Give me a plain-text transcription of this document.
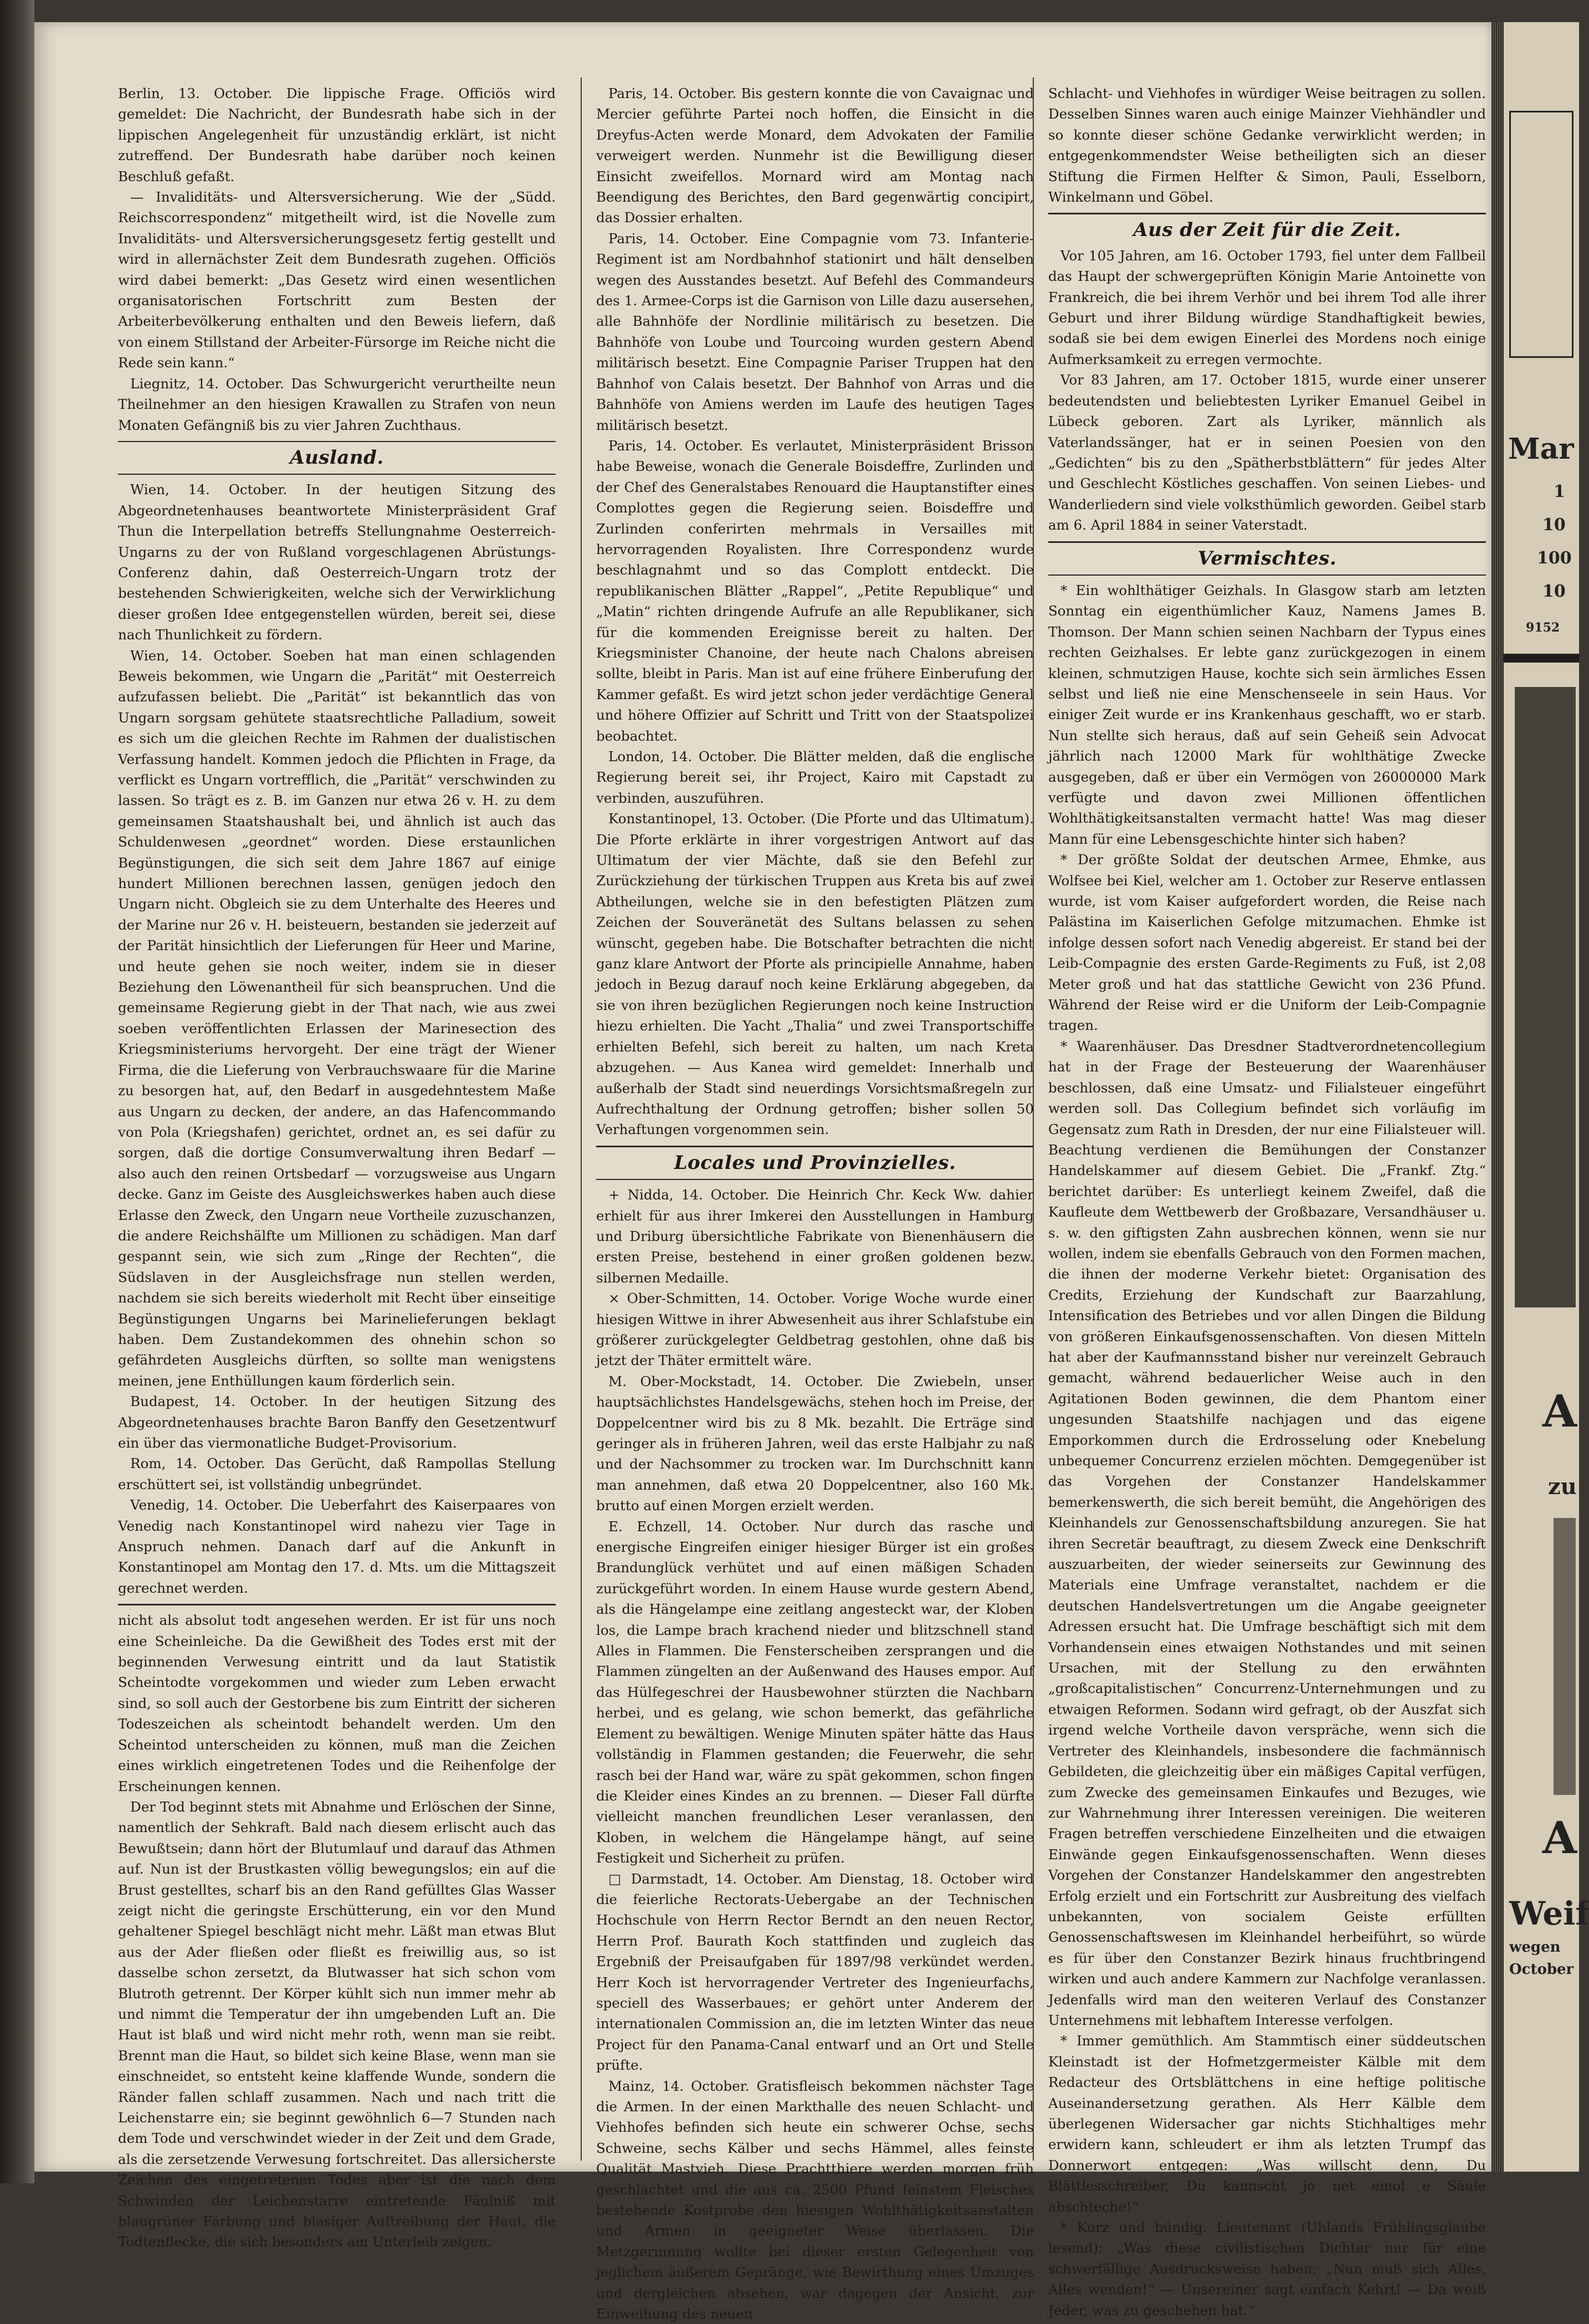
Berlin, 13. October. Die lippische Frage. Officiös wird gemeldet: Die Nachricht, der Bundesrath habe sich in der lippischen Angelegenheit für unzuständig erklärt, ist nicht zutreffend. Der Bundesrath habe darüber noch keinen Beschluß gefaßt.

— Invaliditäts- und Altersversicherung. Wie der „Südd. Reichscorrespondenz“ mitgetheilt wird, ist die Novelle zum Invaliditäts- und Altersversicherungsgesetz fertig gestellt und wird in allernächster Zeit dem Bundesrath zugehen. Officiös wird dabei bemerkt: „Das Gesetz wird einen wesentlichen organisatorischen Fortschritt zum Besten der Arbeiterbevölkerung enthalten und den Beweis liefern, daß von einem Stillstand der Arbeiter-Fürsorge im Reiche nicht die Rede sein kann.“

Liegnitz, 14. October. Das Schwurgericht verurtheilte neun Theilnehmer an den hiesigen Krawallen zu Strafen von neun Monaten Gefängniß bis zu vier Jahren Zuchthaus.

Ausland.

Wien, 14. October. In der heutigen Sitzung des Abgeordnetenhauses beantwortete Ministerpräsident Graf Thun die Interpellation betreffs Stellungnahme Oesterreich-Ungarns zu der von Rußland vorgeschlagenen Abrüstungs-Conferenz dahin, daß Oesterreich-Ungarn trotz der bestehenden Schwierigkeiten, welche sich der Verwirklichung dieser großen Idee entgegenstellen würden, bereit sei, diese nach Thunlichkeit zu fördern.

Wien, 14. October. Soeben hat man einen schlagenden Beweis bekommen, wie Ungarn die „Parität“ mit Oesterreich aufzufassen beliebt. Die „Parität“ ist bekanntlich das von Ungarn sorgsam gehütete staatsrechtliche Palladium, soweit es sich um die gleichen Rechte im Rahmen der dualistischen Verfassung handelt. Kommen jedoch die Pflichten in Frage, da verflickt es Ungarn vortrefflich, die „Parität“ verschwinden zu lassen. So trägt es z. B. im Ganzen nur etwa 26 v. H. zu dem gemeinsamen Staatshaushalt bei, und ähnlich ist auch das Schuldenwesen „geordnet“ worden. Diese erstaunlichen Begünstigungen, die sich seit dem Jahre 1867 auf einige hundert Millionen berechnen lassen, genügen jedoch den Ungarn nicht. Obgleich sie zu dem Unterhalte des Heeres und der Marine nur 26 v. H. beisteuern, bestanden sie jederzeit auf der Parität hinsichtlich der Lieferungen für Heer und Marine, und heute gehen sie noch weiter, indem sie in dieser Beziehung den Löwenantheil für sich beanspruchen. Und die gemeinsame Regierung giebt in der That nach, wie aus zwei soeben veröffentlichten Erlassen der Marinesection des Kriegsministeriums hervorgeht. Der eine trägt der Wiener Firma, die die Lieferung von Verbrauchswaare für die Marine zu besorgen hat, auf, den Bedarf in ausgedehntestem Maße aus Ungarn zu decken, der andere, an das Hafencommando von Pola (Kriegshafen) gerichtet, ordnet an, es sei dafür zu sorgen, daß die dortige Consumverwaltung ihren Bedarf — also auch den reinen Ortsbedarf — vorzugsweise aus Ungarn decke. Ganz im Geiste des Ausgleichswerkes haben auch diese Erlasse den Zweck, den Ungarn neue Vortheile zuzuschanzen, die andere Reichshälfte um Millionen zu schädigen. Man darf gespannt sein, wie sich zum „Ringe der Rechten“, die Südslaven in der Ausgleichsfrage nun stellen werden, nachdem sie sich bereits wiederholt mit Recht über einseitige Begünstigungen Ungarns bei Marinelieferungen beklagt haben. Dem Zustandekommen des ohnehin schon so gefährdeten Ausgleichs dürften, so sollte man wenigstens meinen, jene Enthüllungen kaum förderlich sein.

Budapest, 14. October. In der heutigen Sitzung des Abgeordnetenhauses brachte Baron Banffy den Gesetzentwurf ein über das viermonatliche Budget-Provisorium.

Rom, 14. October. Das Gerücht, daß Rampollas Stellung erschüttert sei, ist vollständig unbegründet.

Venedig, 14. October. Die Ueberfahrt des Kaiserpaares von Venedig nach Konstantinopel wird nahezu vier Tage in Anspruch nehmen. Danach darf auf die Ankunft in Konstantinopel am Montag den 17. d. Mts. um die Mittagszeit gerechnet werden.

nicht als absolut todt angesehen werden. Er ist für uns noch eine Scheinleiche. Da die Gewißheit des Todes erst mit der beginnenden Verwesung eintritt und da laut Statistik Scheintodte vorgekommen und wieder zum Leben erwacht sind, so soll auch der Gestorbene bis zum Eintritt der sicheren Todeszeichen als scheintodt behandelt werden. Um den Scheintod unterscheiden zu können, muß man die Zeichen eines wirklich eingetretenen Todes und die Reihenfolge der Erscheinungen kennen.

Der Tod beginnt stets mit Abnahme und Erlöschen der Sinne, namentlich der Sehkraft. Bald nach diesem erlischt auch das Bewußtsein; dann hört der Blutumlauf und darauf das Athmen auf. Nun ist der Brustkasten völlig bewegungslos; ein auf die Brust gestelltes, scharf bis an den Rand gefülltes Glas Wasser zeigt nicht die geringste Erschütterung, ein vor den Mund gehaltener Spiegel beschlägt nicht mehr. Läßt man etwas Blut aus der Ader fließen oder fließt es freiwillig aus, so ist dasselbe schon zersetzt, da Blutwasser hat sich schon vom Blutroth getrennt. Der Körper kühlt sich nun immer mehr ab und nimmt die Temperatur der ihn umgebenden Luft an. Die Haut ist blaß und wird nicht mehr roth, wenn man sie reibt. Brennt man die Haut, so bildet sich keine Blase, wenn man sie einschneidet, so entsteht keine klaffende Wunde, sondern die Ränder fallen schlaff zusammen. Nach und nach tritt die Leichenstarre ein; sie beginnt gewöhnlich 6—7 Stunden nach dem Tode und verschwindet wieder in der Zeit und dem Grade, als die zersetzende Verwesung fortschreitet. Das allersicherste Zeichen des eingetretenen Todes aber ist die nach dem Schwinden der Leichenstarre eintretende Fäulniß mit blaugrüner Färbung und blasiger Auftreibung der Haut, die Todtenflecke, die sich besonders am Unterleib zeigen.

Paris, 14. October. Bis gestern konnte die von Cavaignac und Mercier geführte Partei noch hoffen, die Einsicht in die Dreyfus-Acten werde Monard, dem Advokaten der Familie verweigert werden. Nunmehr ist die Bewilligung dieser Einsicht zweifellos. Mornard wird am Montag nach Beendigung des Berichtes, den Bard gegenwärtig concipirt, das Dossier erhalten.

Paris, 14. October. Eine Compagnie vom 73. Infanterie-Regiment ist am Nordbahnhof stationirt und hält denselben wegen des Ausstandes besetzt. Auf Befehl des Commandeurs des 1. Armee-Corps ist die Garnison von Lille dazu ausersehen, alle Bahnhöfe der Nordlinie militärisch zu besetzen. Die Bahnhöfe von Loube und Tourcoing wurden gestern Abend militärisch besetzt. Eine Compagnie Pariser Truppen hat den Bahnhof von Calais besetzt. Der Bahnhof von Arras und die Bahnhöfe von Amiens werden im Laufe des heutigen Tages militärisch besetzt.

Paris, 14. October. Es verlautet, Ministerpräsident Brisson habe Beweise, wonach die Generale Boisdeffre, Zurlinden und der Chef des Generalstabes Renouard die Hauptanstifter eines Complottes gegen die Regierung seien. Boisdeffre und Zurlinden conferirten mehrmals in Versailles mit hervorragenden Royalisten. Ihre Correspondenz wurde beschlagnahmt und so das Complott entdeckt. Die republikanischen Blätter „Rappel“, „Petite Republique“ und „Matin“ richten dringende Aufrufe an alle Republikaner, sich für die kommenden Ereignisse bereit zu halten. Der Kriegsminister Chanoine, der heute nach Chalons abreisen sollte, bleibt in Paris. Man ist auf eine frühere Einberufung der Kammer gefaßt. Es wird jetzt schon jeder verdächtige General und höhere Offizier auf Schritt und Tritt von der Staatspolizei beobachtet.

London, 14. October. Die Blätter melden, daß die englische Regierung bereit sei, ihr Project, Kairo mit Capstadt zu verbinden, auszuführen.

Konstantinopel, 13. October. (Die Pforte und das Ultimatum). Die Pforte erklärte in ihrer vorgestrigen Antwort auf das Ultimatum der vier Mächte, daß sie den Befehl zur Zurückziehung der türkischen Truppen aus Kreta bis auf zwei Abtheilungen, welche sie in den befestigten Plätzen zum Zeichen der Souveränetät des Sultans belassen zu sehen wünscht, gegeben habe. Die Botschafter betrachten die nicht ganz klare Antwort der Pforte als principielle Annahme, haben jedoch in Bezug darauf noch keine Erklärung abgegeben, da sie von ihren bezüglichen Regierungen noch keine Instruction hiezu erhielten. Die Yacht „Thalia“ und zwei Transportschiffe erhielten Befehl, sich bereit zu halten, um nach Kreta abzugehen. — Aus Kanea wird gemeldet: Innerhalb und außerhalb der Stadt sind neuerdings Vorsichtsmaßregeln zur Aufrechthaltung der Ordnung getroffen; bisher sollen 50 Verhaftungen vorgenommen sein.

Locales und Provinzielles.

+ Nidda, 14. October. Die Heinrich Chr. Keck Ww. dahier erhielt für aus ihrer Imkerei den Ausstellungen in Hamburg und Driburg übersichtliche Fabrikate von Bienenhäusern die ersten Preise, bestehend in einer großen goldenen bezw. silbernen Medaille.

× Ober-Schmitten, 14. October. Vorige Woche wurde einer hiesigen Wittwe in ihrer Abwesenheit aus ihrer Schlafstube ein größerer zurückgelegter Geldbetrag gestohlen, ohne daß bis jetzt der Thäter ermittelt wäre.

M. Ober-Mockstadt, 14. October. Die Zwiebeln, unser hauptsächlichstes Handelsgewächs, stehen hoch im Preise, der Doppelcentner wird bis zu 8 Mk. bezahlt. Die Erträge sind geringer als in früheren Jahren, weil das erste Halbjahr zu naß und der Nachsommer zu trocken war. Im Durchschnitt kann man annehmen, daß etwa 20 Doppelcentner, also 160 Mk. brutto auf einen Morgen erzielt werden.

E. Echzell, 14. October. Nur durch das rasche und energische Eingreifen einiger hiesiger Bürger ist ein großes Brandunglück verhütet und auf einen mäßigen Schaden zurückgeführt worden. In einem Hause wurde gestern Abend, als die Hängelampe eine zeitlang angesteckt war, der Kloben los, die Lampe brach krachend nieder und blitzschnell stand Alles in Flammen. Die Fensterscheiben zersprangen und die Flammen züngelten an der Außenwand des Hauses empor. Auf das Hülfegeschrei der Hausbewohner stürzten die Nachbarn herbei, und es gelang, wie schon bemerkt, das gefährliche Element zu bewältigen. Wenige Minuten später hätte das Haus vollständig in Flammen gestanden; die Feuerwehr, die sehr rasch bei der Hand war, wäre zu spät gekommen, schon fingen die Kleider eines Kindes an zu brennen. — Dieser Fall dürfte vielleicht manchen freundlichen Leser veranlassen, den Kloben, in welchem die Hängelampe hängt, auf seine Festigkeit und Sicherheit zu prüfen.

□ Darmstadt, 14. October. Am Dienstag, 18. October wird die feierliche Rectorats-Uebergabe an der Technischen Hochschule von Herrn Rector Berndt an den neuen Rector, Herrn Prof. Baurath Koch stattfinden und zugleich das Ergebniß der Preisaufgaben für 1897/98 verkündet werden. Herr Koch ist hervorragender Vertreter des Ingenieurfachs, speciell des Wasserbaues; er gehört unter Anderem der internationalen Commission an, die im letzten Winter das neue Project für den Panama-Canal entwarf und an Ort und Stelle prüfte.

Mainz, 14. October. Gratisfleisch bekommen nächster Tage die Armen. In der einen Markthalle des neuen Schlacht- und Viehhofes befinden sich heute ein schwerer Ochse, sechs Schweine, sechs Kälber und sechs Hämmel, alles feinste Qualität Mastvieh. Diese Prachtthiere werden morgen früh geschlachtet und die aus ca. 2500 Pfund feinstem Fleisches bestehende Kostprobe den hiesigen Wohlthätigkeitsanstalten und Armen in geeigneter Weise überlassen. Die Metzgerinnung wollte bei dieser ersten Gelegenheit von jeglichem äußerem Gepränge, wie Bewirthung eines Umzuges und dergleichen absehen, war dagegen der Ansicht, zur Einweihung des neuen

Schlacht- und Viehhofes in würdiger Weise beitragen zu sollen. Desselben Sinnes waren auch einige Mainzer Viehhändler und so konnte dieser schöne Gedanke verwirklicht werden; in entgegenkommendster Weise betheiligten sich an dieser Stiftung die Firmen Helfter & Simon, Pauli, Esselborn, Winkelmann und Göbel.

Aus der Zeit für die Zeit.

Vor 105 Jahren, am 16. October 1793, fiel unter dem Fallbeil das Haupt der schwergeprüften Königin Marie Antoinette von Frankreich, die bei ihrem Verhör und bei ihrem Tod alle ihrer Geburt und ihrer Bildung würdige Standhaftigkeit bewies, sodaß sie bei dem ewigen Einerlei des Mordens noch einige Aufmerksamkeit zu erregen vermochte.

Vor 83 Jahren, am 17. October 1815, wurde einer unserer bedeutendsten und beliebtesten Lyriker Emanuel Geibel in Lübeck geboren. Zart als Lyriker, männlich als Vaterlandssänger, hat er in seinen Poesien von den „Gedichten“ bis zu den „Spätherbstblättern“ für jedes Alter und Geschlecht Köstliches geschaffen. Von seinen Liebes- und Wanderliedern sind viele volksthümlich geworden. Geibel starb am 6. April 1884 in seiner Vaterstadt.

Vermischtes.

* Ein wohlthätiger Geizhals. In Glasgow starb am letzten Sonntag ein eigenthümlicher Kauz, Namens James B. Thomson. Der Mann schien seinen Nachbarn der Typus eines rechten Geizhalses. Er lebte ganz zurückgezogen in einem kleinen, schmutzigen Hause, kochte sich sein ärmliches Essen selbst und ließ nie eine Menschenseele in sein Haus. Vor einiger Zeit wurde er ins Krankenhaus geschafft, wo er starb. Nun stellte sich heraus, daß auf sein Geheiß sein Advocat jährlich nach 12000 Mark für wohlthätige Zwecke ausgegeben, daß er über ein Vermögen von 26000000 Mark verfügte und davon zwei Millionen öffentlichen Wohlthätigkeitsanstalten vermacht hatte! Was mag dieser Mann für eine Lebensgeschichte hinter sich haben?

* Der größte Soldat der deutschen Armee, Ehmke, aus Wolfsee bei Kiel, welcher am 1. October zur Reserve entlassen wurde, ist vom Kaiser aufgefordert worden, die Reise nach Palästina im Kaiserlichen Gefolge mitzumachen. Ehmke ist infolge dessen sofort nach Venedig abgereist. Er stand bei der Leib-Compagnie des ersten Garde-Regiments zu Fuß, ist 2,08 Meter groß und hat das stattliche Gewicht von 236 Pfund. Während der Reise wird er die Uniform der Leib-Compagnie tragen.

* Waarenhäuser. Das Dresdner Stadtverordnetencollegium hat in der Frage der Besteuerung der Waarenhäuser beschlossen, daß eine Umsatz- und Filialsteuer eingeführt werden soll. Das Collegium befindet sich vorläufig im Gegensatz zum Rath in Dresden, der nur eine Filialsteuer will. Beachtung verdienen die Bemühungen der Constanzer Handelskammer auf diesem Gebiet. Die „Frankf. Ztg.“ berichtet darüber: Es unterliegt keinem Zweifel, daß die Kaufleute dem Wettbewerb der Großbazare, Versandhäuser u. s. w. den giftigsten Zahn ausbrechen können, wenn sie nur wollen, indem sie ebenfalls Gebrauch von den Formen machen, die ihnen der moderne Verkehr bietet: Organisation des Credits, Erziehung der Kundschaft zur Baarzahlung, Intensification des Betriebes und vor allen Dingen die Bildung von größeren Einkaufsgenossenschaften. Von diesen Mitteln hat aber der Kaufmannsstand bisher nur vereinzelt Gebrauch gemacht, während bedauerlicher Weise auch in den Agitationen Boden gewinnen, die dem Phantom einer ungesunden Staatshilfe nachjagen und das eigene Emporkommen durch die Erdrosselung oder Knebelung unbequemer Concurrenz erzielen möchten. Demgegenüber ist das Vorgehen der Constanzer Handelskammer bemerkenswerth, die sich bereit bemüht, die Angehörigen des Kleinhandels zur Genossenschaftsbildung anzuregen. Sie hat ihren Secretär beauftragt, zu diesem Zweck eine Denkschrift auszuarbeiten, der wieder seinerseits zur Gewinnung des Materials eine Umfrage veranstaltet, nachdem er die deutschen Handelsvertretungen um die Angabe geeigneter Adressen ersucht hat. Die Umfrage beschäftigt sich mit dem Vorhandensein eines etwaigen Nothstandes und mit seinen Ursachen, mit der Stellung zu den erwähnten „großcapitalistischen“ Concurrenz-Unternehmungen und zu etwaigen Reformen. Sodann wird gefragt, ob der Auszfat sich irgend welche Vortheile davon verspräche, wenn sich die Vertreter des Kleinhandels, insbesondere die fachmännisch Gebildeten, die gleichzeitig über ein mäßiges Capital verfügen, zum Zwecke des gemeinsamen Einkaufes und Bezuges, wie zur Wahrnehmung ihrer Interessen vereinigen. Die weiteren Fragen betreffen verschiedene Einzelheiten und die etwaigen Einwände gegen Einkaufsgenossenschaften. Wenn dieses Vorgehen der Constanzer Handelskammer den angestrebten Erfolg erzielt und ein Fortschritt zur Ausbreitung des vielfach unbekannten, von socialem Geiste erfüllten Genossenschaftswesen im Kleinhandel herbeiführt, so würde es für über den Constanzer Bezirk hinaus fruchtbringend wirken und auch andere Kammern zur Nachfolge veranlassen. Jedenfalls wird man den weiteren Verlauf des Constanzer Unternehmens mit lebhaftem Interesse verfolgen.

* Immer gemüthlich. Am Stammtisch einer süddeutschen Kleinstadt ist der Hofmetzgermeister Kälble mit dem Redacteur des Ortsblättchens in eine heftige politische Auseinandersetzung gerathen. Als Herr Kälble dem überlegenen Widersacher gar nichts Stichhaltiges mehr erwidern kann, schleudert er ihm als letzten Trumpf das Donnerwort entgegen: „Was willscht denn, Du Blättlesschreiber, Du kannscht jo net emol e Säule abschteche!“

* Kurz und bündig. Lieutenant (Uhlands Frühlingsglaube lesend): „Was diese civilistischen Dichter nur für eine schwerfällige Ausdrucksweise haben: „Nun muß sich Alles, Alles wenden!“ — Unsereiner sagt einfach Kehrt! — Da weiß Jeder, was zu geschehen hat.“

Mar
1
10
100
10
9152
A
zu
A
Weif
wegen
October
